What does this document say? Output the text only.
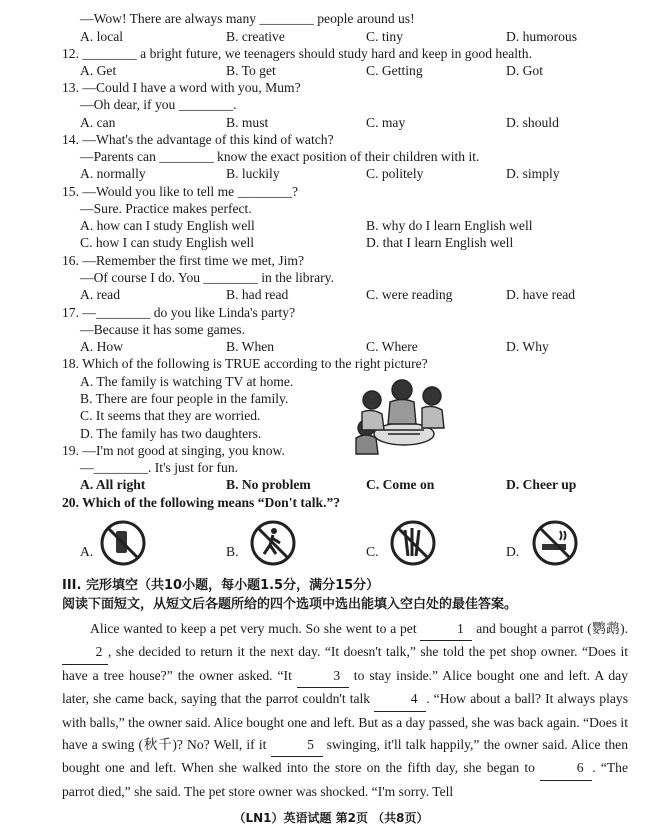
—Wow! There are always many ________ people around us!
A. local	B. creative	C. tiny	D. humorous
12. ________ a bright future, we teenagers should study hard and keep in good health.
A. Get	B. To get	C. Getting	D. Got
13. —Could I have a word with you, Mum?
—Oh dear, if you ________.
A. can	B. must	C. may	D. should
14. —What's the advantage of this kind of watch?
—Parents can ________ know the exact position of their children with it.
A. normally	B. luckily	C. politely	D. simply
15. —Would you like to tell me ________?
—Sure. Practice makes perfect.
A. how can I study English well	B. why do I learn English well
C. how I can study English well	D. that I learn English well
16. —Remember the first time we met, Jim?
—Of course I do. You ________ in the library.
A. read	B. had read	C. were reading	D. have read
17. —________ do you like Linda's party?
—Because it has some games.
A. How	B. When	C. Where	D. Why
18. Which of the following is TRUE according to the right picture?
A. The family is watching TV at home.
B. There are four people in the family.
C. It seems that they are worried.
D. The family has two daughters.
19. —I'm not good at singing, you know.
—________. It's just for fun.
A. All right	B. No problem	C. Come on	D. Cheer up
20. Which of the following means “Don't talk.”?
A.	B.	C.	D.
III. 完形填空（共10小题，每小题1.5分，满分15分）
阅读下面短文，从短文后各题所给的四个选项中选出能填入空白处的最佳答案。
Alice wanted to keep a pet very much. So she went to a pet	1 and bought a parrot (鹦鹉). 2 , she decided to return it the next day. “It doesn't talk,” she told the pet shop owner. “Does it have a tree house?” the owner asked. “It	3 to stay inside.” Alice bought one and left. A day later, she came back, saying that the parrot couldn't talk	4 . “How about a ball? It always plays with balls,” the owner said. Alice bought one and left. But as a day passed, she was back again. “Does it have a swing (秋千)? No? Well, if it	5 swinging, it'll talk happily,” the owner said. Alice then bought one and left. When she walked into the store on the fifth day, she began to	6 . “The parrot died,” she said. The pet store owner was shocked. “I'm sorry. Tell
（LN1）英语试题 第2页 （共8页）
